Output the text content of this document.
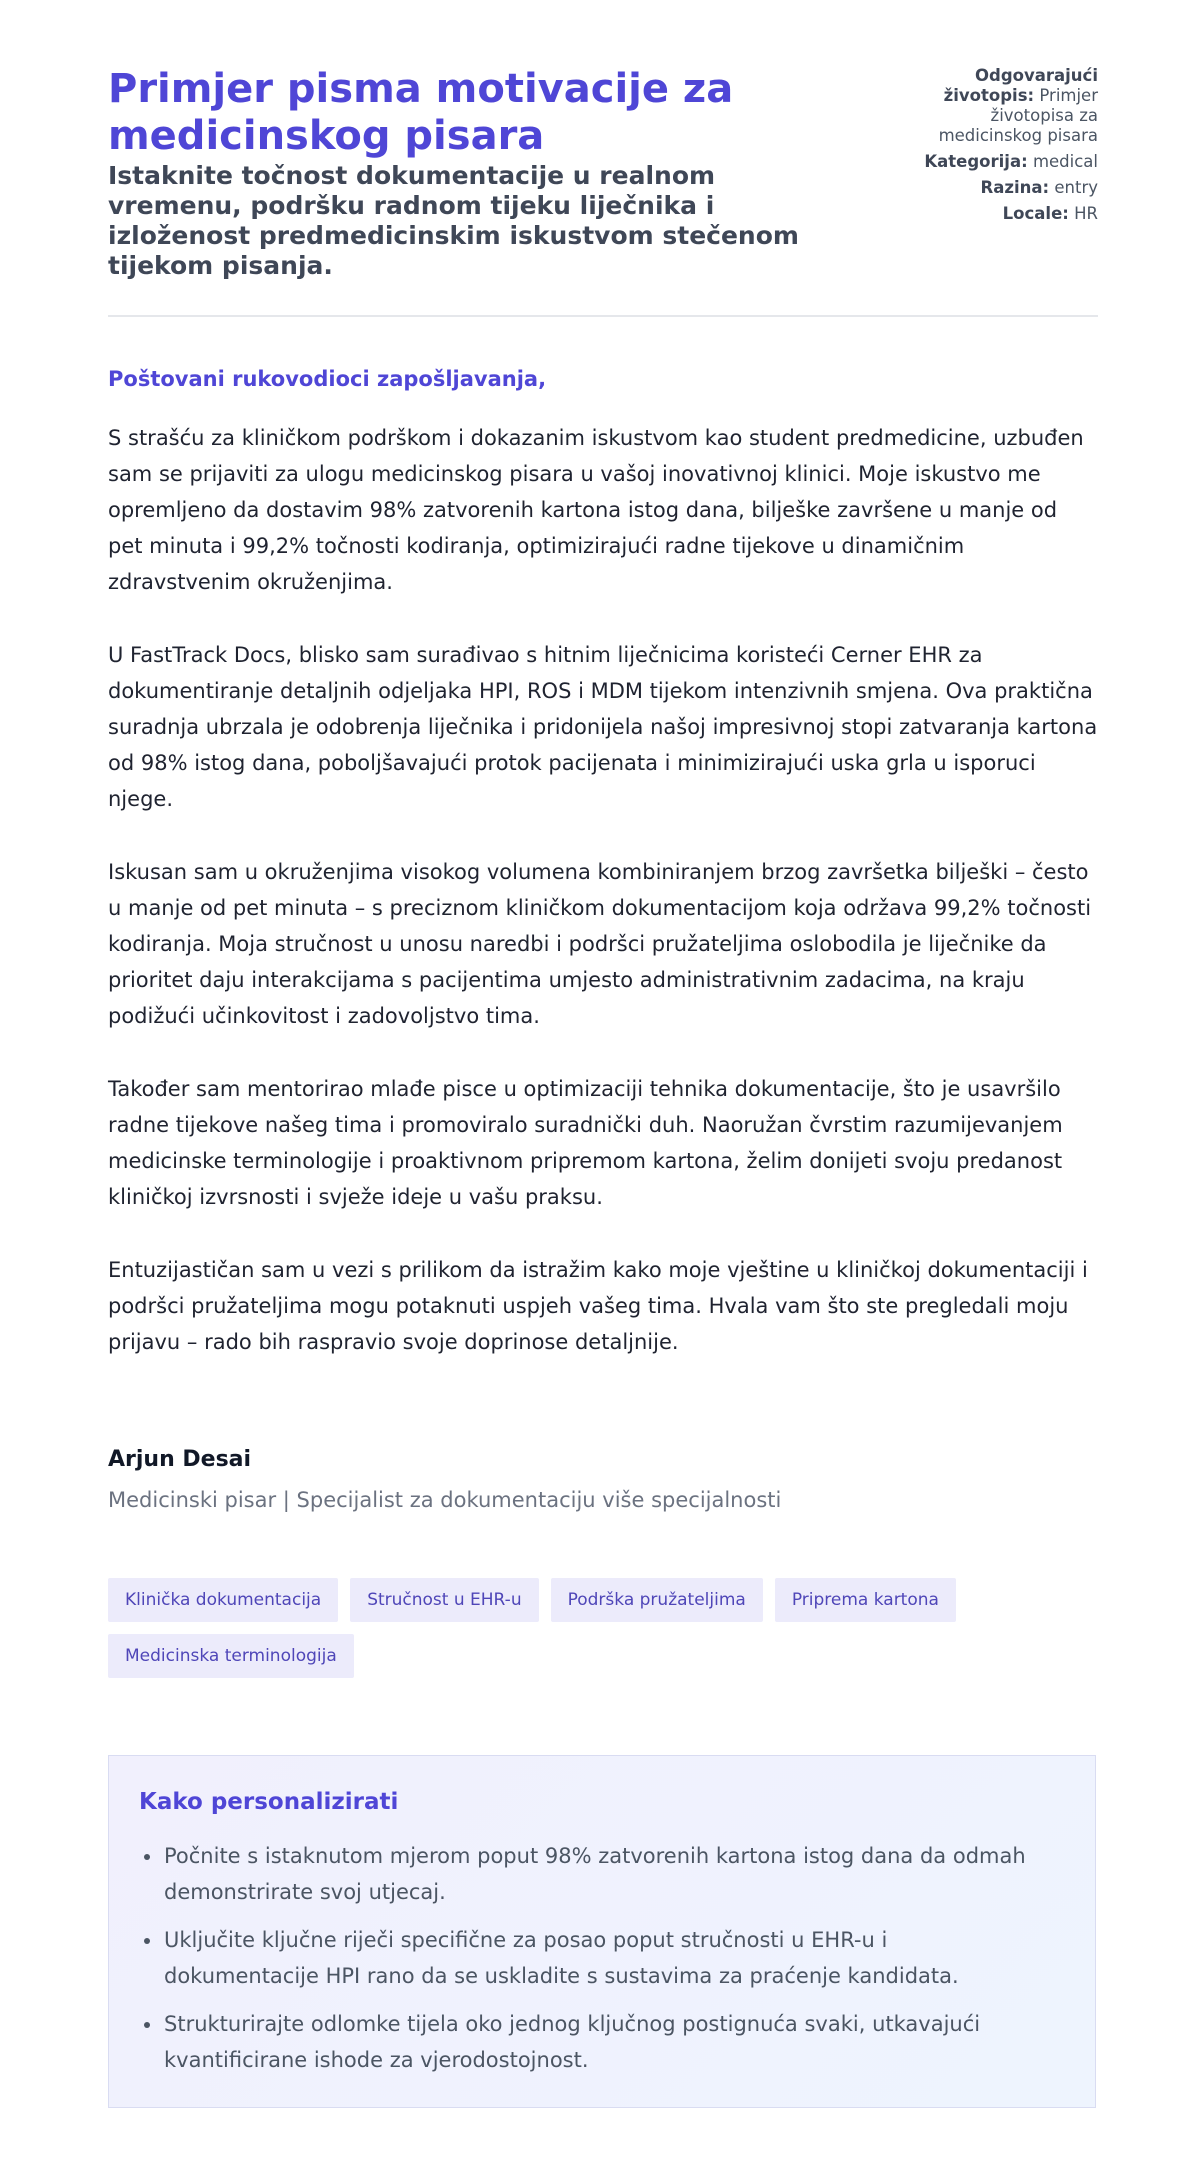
Primjer pisma motivacije za medicinskog pisara
Istaknite točnost dokumentacije u realnom vremenu, podršku radnom tijeku liječnika i izloženost predmedicinskim iskustvom stečenom tijekom pisanja.
Odgovarajući životopis: Primjer životopisa za medicinskog pisara
Kategorija: medical
Razina: entry
Locale: HR

Poštovani rukovodioci zapošljavanja,

S strašću za kliničkom podrškom i dokazanim iskustvom kao student predmedicine, uzbuđen sam se prijaviti za ulogu medicinskog pisara u vašoj inovativnoj klinici. Moje iskustvo me opremljeno da dostavim 98% zatvorenih kartona istog dana, bilješke završene u manje od pet minuta i 99,2% točnosti kodiranja, optimizirajući radne tijekove u dinamičnim zdravstvenim okruženjima.

U FastTrack Docs, blisko sam surađivao s hitnim liječnicima koristeći Cerner EHR za dokumentiranje detaljnih odjeljaka HPI, ROS i MDM tijekom intenzivnih smjena. Ova praktična suradnja ubrzala je odobrenja liječnika i pridonijela našoj impresivnoj stopi zatvaranja kartona od 98% istog dana, poboljšavajući protok pacijenata i minimizirajući uska grla u isporuci njege.

Iskusan sam u okruženjima visokog volumena kombiniranjem brzog završetka bilješki – često u manje od pet minuta – s preciznom kliničkom dokumentacijom koja održava 99,2% točnosti kodiranja. Moja stručnost u unosu naredbi i podršci pružateljima oslobodila je liječnike da prioritet daju interakcijama s pacijentima umjesto administrativnim zadacima, na kraju podižući učinkovitost i zadovoljstvo tima.

Također sam mentorirao mlađe pisce u optimizaciji tehnika dokumentacije, što je usavršilo radne tijekove našeg tima i promoviralo suradnički duh. Naoružan čvrstim razumijevanjem medicinske terminologije i proaktivnom pripremom kartona, želim donijeti svoju predanost kliničkoj izvrsnosti i svježe ideje u vašu praksu.

Entuzijastičan sam u vezi s prilikom da istražim kako moje vještine u kliničkoj dokumentaciji i podršci pružateljima mogu potaknuti uspjeh vašeg tima. Hvala vam što ste pregledali moju prijavu – rado bih raspravio svoje doprinose detaljnije.

Arjun Desai

Medicinski pisar | Specijalist za dokumentaciju više specijalnosti

Klinička dokumentacija	Stručnost u EHR-u	Podrška pružateljima	Priprema kartona
Medicinska terminologija
Kako personalizirati
Počnite s istaknutom mjerom poput 98% zatvorenih kartona istog dana da odmah demonstrirate svoj utjecaj.
Uključite ključne riječi specifične za posao poput stručnosti u EHR-u i dokumentacije HPI rano da se uskladite s sustavima za praćenje kandidata.
Strukturirajte odlomke tijela oko jednog ključnog postignuća svaki, utkavajući kvantificirane ishode za vjerodostojnost.
